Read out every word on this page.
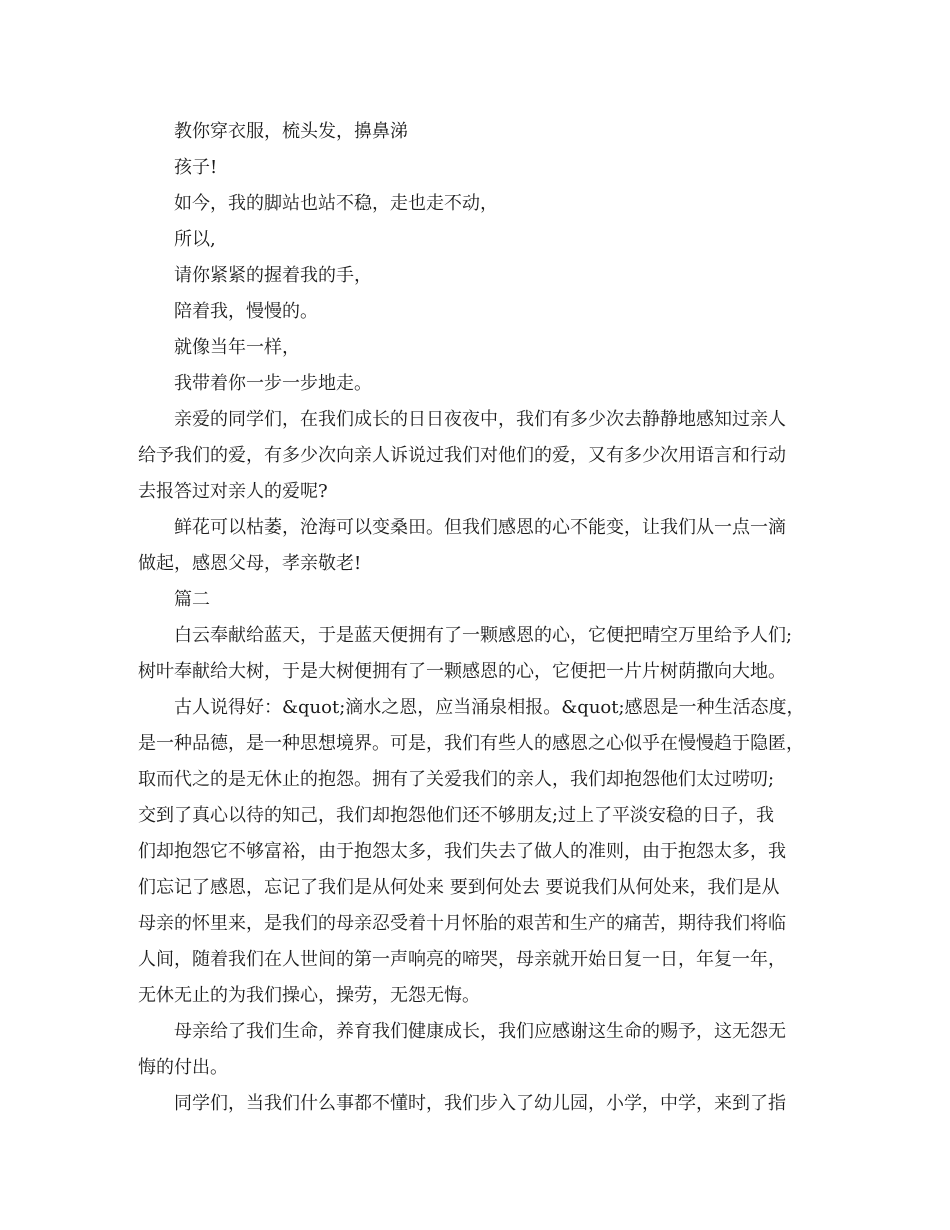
教你穿衣服，梳头发，擤鼻涕
孩子!
如今，我的脚站也站不稳，走也走不动，
所以,
请你紧紧的握着我的手，
陪着我，慢慢的。
就像当年一样，
我带着你一步一步地走。
亲爱的同学们，在我们成长的日日夜夜中，我们有多少次去静静地感知过亲人
给予我们的爱，有多少次向亲人诉说过我们对他们的爱，又有多少次用语言和行动
去报答过对亲人的爱呢?
鲜花可以枯萎，沧海可以变桑田。但我们感恩的心不能变，让我们从一点一滴
做起，感恩父母，孝亲敬老!
篇二
白云奉献给蓝天，于是蓝天便拥有了一颗感恩的心，它便把晴空万里给予人们;
树叶奉献给大树，于是大树便拥有了一颗感恩的心，它便把一片片树荫撒向大地。
古人说得好：&quot;滴水之恩，应当涌泉相报。&quot;感恩是一种生活态度，
是一种品德，是一种思想境界。可是，我们有些人的感恩之心似乎在慢慢趋于隐匿，
取而代之的是无休止的抱怨。拥有了关爱我们的亲人，我们却抱怨他们太过唠叨;
交到了真心以待的知己，我们却抱怨他们还不够朋友;过上了平淡安稳的日子，我
们却抱怨它不够富裕，由于抱怨太多，我们失去了做人的准则，由于抱怨太多，我
们忘记了感恩，忘记了我们是从何处来 要到何处去 要说我们从何处来，我们是从
母亲的怀里来，是我们的母亲忍受着十月怀胎的艰苦和生产的痛苦，期待我们将临
人间，随着我们在人世间的第一声响亮的啼哭，母亲就开始日复一日，年复一年，
无休无止的为我们操心，操劳，无怨无悔。
母亲给了我们生命，养育我们健康成长，我们应感谢这生命的赐予，这无怨无
悔的付出。
同学们，当我们什么事都不懂时，我们步入了幼儿园，小学，中学，来到了指
